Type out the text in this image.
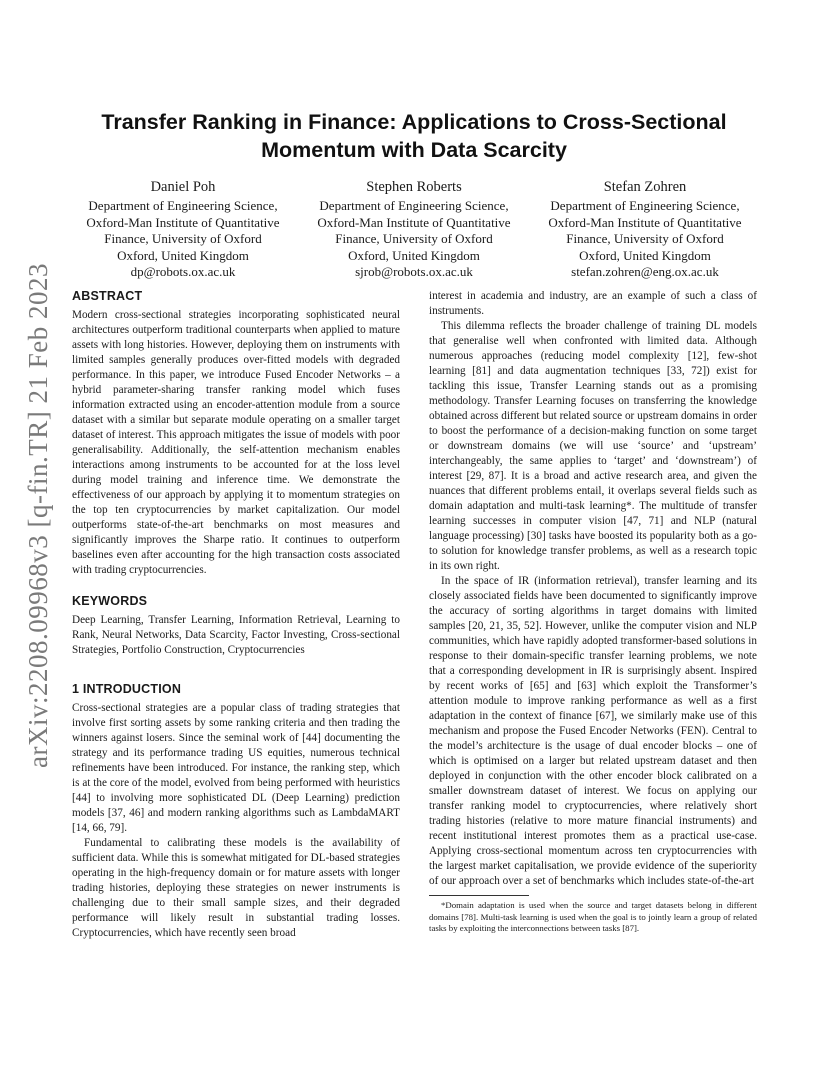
arXiv:2208.09968v3 [q-fin.TR] 21 Feb 2023
Transfer Ranking in Finance: Applications to Cross-Sectional
Momentum with Data Scarcity
Daniel Poh
Department of Engineering Science,
Oxford-Man Institute of Quantitative
Finance, University of Oxford
Oxford, United Kingdom
dp@robots.ox.ac.uk
Stephen Roberts
Department of Engineering Science,
Oxford-Man Institute of Quantitative
Finance, University of Oxford
Oxford, United Kingdom
sjrob@robots.ox.ac.uk
Stefan Zohren
Department of Engineering Science,
Oxford-Man Institute of Quantitative
Finance, University of Oxford
Oxford, United Kingdom
stefan.zohren@eng.ox.ac.uk
ABSTRACT

Modern cross-sectional strategies incorporating sophisticated neural architectures outperform traditional counterparts when applied to mature assets with long histories. However, deploying them on instruments with limited samples generally produces over-fitted models with degraded performance. In this paper, we introduce Fused Encoder Networks – a hybrid parameter-sharing transfer ranking model which fuses information extracted using an encoder-attention module from a source dataset with a similar but separate module operating on a smaller target dataset of interest. This approach mitigates the issue of models with poor generalisability. Additionally, the self-attention mechanism enables interactions among instruments to be accounted for at the loss level during model training and inference time. We demonstrate the effectiveness of our approach by applying it to momentum strategies on the top ten cryptocurrencies by market capitalization. Our model outperforms state-of-the-art benchmarks on most measures and significantly improves the Sharpe ratio. It continues to outperform baselines even after accounting for the high transaction costs associated with trading cryptocurrencies.

KEYWORDS

Deep Learning, Transfer Learning, Information Retrieval, Learning to Rank, Neural Networks, Data Scarcity, Factor Investing, Cross-sectional Strategies, Portfolio Construction, Cryptocurrencies

1 INTRODUCTION

Cross-sectional strategies are a popular class of trading strategies that involve first sorting assets by some ranking criteria and then trading the winners against losers. Since the seminal work of [44] documenting the strategy and its performance trading US equities, numerous technical refinements have been introduced. For instance, the ranking step, which is at the core of the model, evolved from being performed with heuristics [44] to involving more sophisticated DL (Deep Learning) prediction models [37, 46] and modern ranking algorithms such as LambdaMART [14, 66, 79].

Fundamental to calibrating these models is the availability of sufficient data. While this is somewhat mitigated for DL-based strategies operating in the high-frequency domain or for mature assets with longer trading histories, deploying these strategies on newer instruments is challenging due to their small sample sizes, and their degraded performance will likely result in substantial trading losses. Cryptocurrencies, which have recently seen broad

interest in academia and industry, are an example of such a class of instruments.

This dilemma reflects the broader challenge of training DL models that generalise well when confronted with limited data. Although numerous approaches (reducing model complexity [12], few-shot learning [81] and data augmentation techniques [33, 72]) exist for tackling this issue, Transfer Learning stands out as a promising methodology. Transfer Learning focuses on transferring the knowledge obtained across different but related source or upstream domains in order to boost the performance of a decision-making function on some target or downstream domains (we will use ‘source’ and ‘upstream’ interchangeably, the same applies to ‘target’ and ‘downstream’) of interest [29, 87]. It is a broad and active research area, and given the nuances that different problems entail, it overlaps several fields such as domain adaptation and multi-task learning*. The multitude of transfer learning successes in computer vision [47, 71] and NLP (natural language processing) [30] tasks have boosted its popularity both as a go-to solution for knowledge transfer problems, as well as a research topic in its own right.

In the space of IR (information retrieval), transfer learning and its closely associated fields have been documented to significantly improve the accuracy of sorting algorithms in target domains with limited samples [20, 21, 35, 52]. However, unlike the computer vision and NLP communities, which have rapidly adopted transformer-based solutions in response to their domain-specific transfer learning problems, we note that a corresponding development in IR is surprisingly absent. Inspired by recent works of [65] and [63] which exploit the Transformer’s attention module to improve ranking performance as well as a first adaptation in the context of finance [67], we similarly make use of this mechanism and propose the Fused Encoder Networks (FEN). Central to the model’s architecture is the usage of dual encoder blocks – one of which is optimised on a larger but related upstream dataset and then deployed in conjunction with the other encoder block calibrated on a smaller downstream dataset of interest. We focus on applying our transfer ranking model to cryptocurrencies, where relatively short trading histories (relative to more mature financial instruments) and recent institutional interest promotes them as a practical use-case. Applying cross-sectional momentum across ten cryptocurrencies with the largest market capitalisation, we provide evidence of the superiority of our approach over a set of benchmarks which includes state-of-the-art

*Domain adaptation is used when the source and target datasets belong in different domains [78]. Multi-task learning is used when the goal is to jointly learn a group of related tasks by exploiting the interconnections between tasks [87].
